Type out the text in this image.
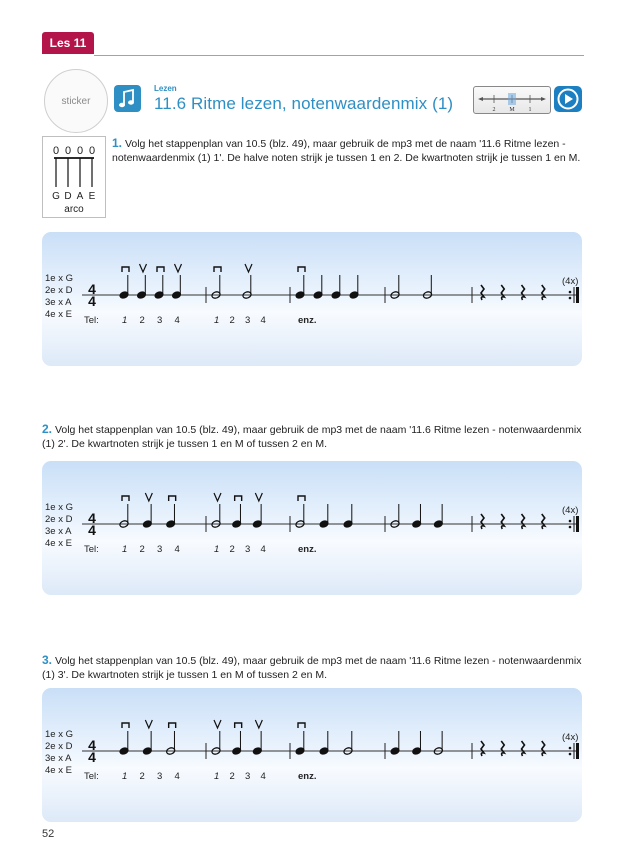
Les 11
sticker
Lezen
11.6 Ritme lezen, notenwaardenmix (1)	2 M 1
0 0 0 0
G D A E
arco
1. Volg het stappenplan van 10.5 (blz. 49), maar gebruik de mp3 met de naam '11.6 Ritme lezen - notenwaardenmix (1) 1'. De halve noten strijk je tussen 1 en 2. De kwartnoten strijk je tussen 1 en M.
2. Volg het stappenplan van 10.5 (blz. 49), maar gebruik de mp3 met de naam '11.6 Ritme lezen - notenwaardenmix (1) 2'. De kwartnoten strijk je tussen 1 en M of tussen 2 en M.
3. Volg het stappenplan van 10.5 (blz. 49), maar gebruik de mp3 met de naam '11.6 Ritme lezen - notenwaardenmix (1) 3'. De kwartnoten strijk je tussen 1 en M of tussen 2 en M.
1e x G
2e x D
3e x A
4e x E
4
4
(4x)
Tel: 1 2 3 4	1 2 3 4	enz.
1e x G
2e x D
3e x A
4e x E
4
4
(4x)
Tel: 1 2 3 4	1 2 3 4	enz.
1e x G
2e x D
3e x A
4e x E
4
4
(4x)
Tel: 1 2 3 4	1 2 3 4	enz.
52
